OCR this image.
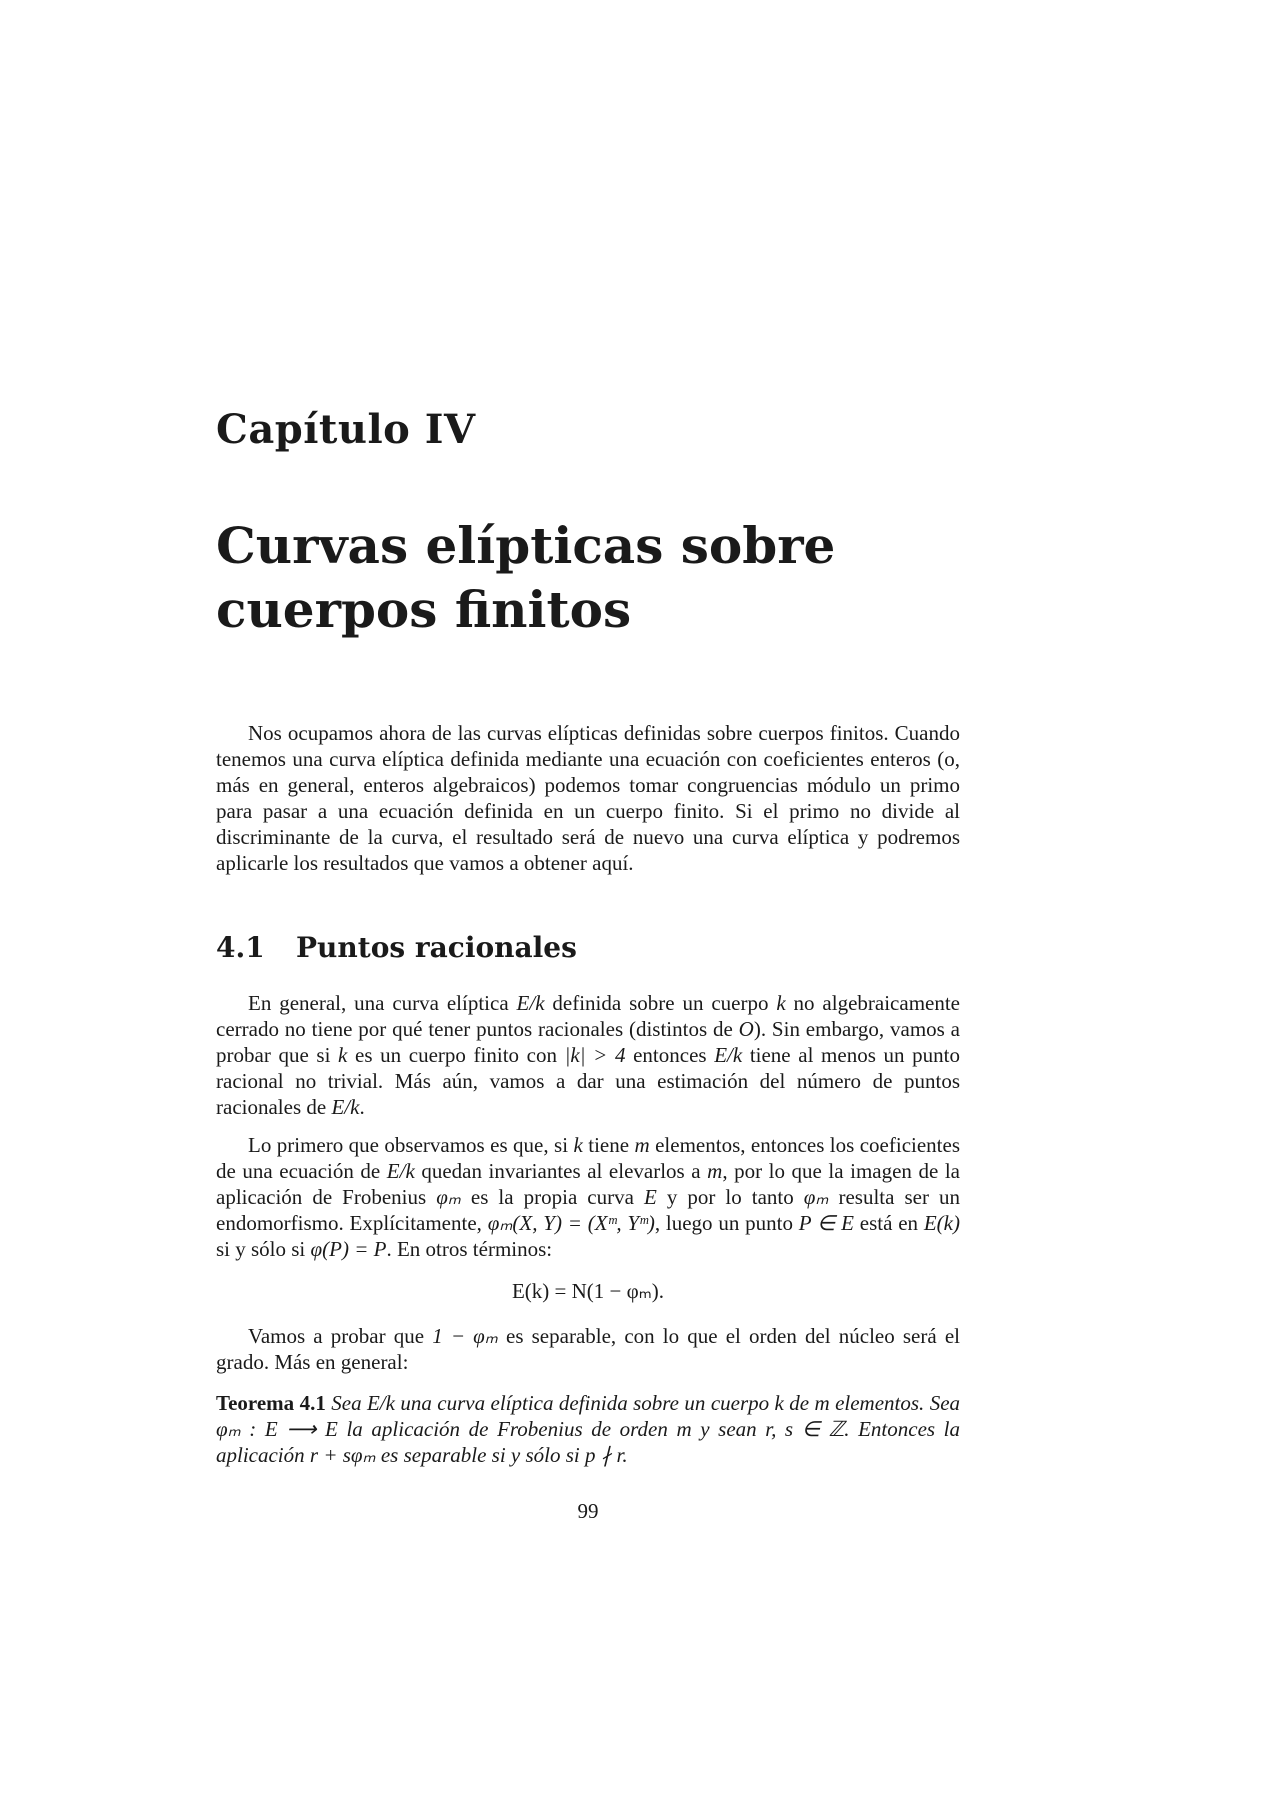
Capítulo IV
Curvas elípticas sobre
cuerpos finitos

Nos ocupamos ahora de las curvas elípticas definidas sobre cuerpos finitos. Cuando tenemos una curva elíptica definida mediante una ecuación con coeficientes enteros (o, más en general, enteros algebraicos) podemos tomar congruencias módulo un primo para pasar a una ecuación definida en un cuerpo finito. Si el primo no divide al discriminante de la curva, el resultado será de nuevo una curva elíptica y podremos aplicarle los resultados que vamos a obtener aquí.

4.1 Puntos racionales

En general, una curva elíptica E/k definida sobre un cuerpo k no algebraicamente cerrado no tiene por qué tener puntos racionales (distintos de O). Sin embargo, vamos a probar que si k es un cuerpo finito con |k| > 4 entonces E/k tiene al menos un punto racional no trivial. Más aún, vamos a dar una estimación del número de puntos racionales de E/k.

Lo primero que observamos es que, si k tiene m elementos, entonces los coeficientes de una ecuación de E/k quedan invariantes al elevarlos a m, por lo que la imagen de la aplicación de Frobenius φₘ es la propia curva E y por lo tanto φₘ resulta ser un endomorfismo. Explícitamente, φₘ(X, Y) = (Xᵐ, Yᵐ), luego un punto P ∈ E está en E(k) si y sólo si φ(P) = P. En otros términos:

E(k) = N(1 − φₘ).

Vamos a probar que 1 − φₘ es separable, con lo que el orden del núcleo será el grado. Más en general:

Teorema 4.1 Sea E/k una curva elíptica definida sobre un cuerpo k de m elementos. Sea φₘ : E ⟶ E la aplicación de Frobenius de orden m y sean r, s ∈ ℤ. Entonces la aplicación r + sφₘ es separable si y sólo si p ∤ r.

99
